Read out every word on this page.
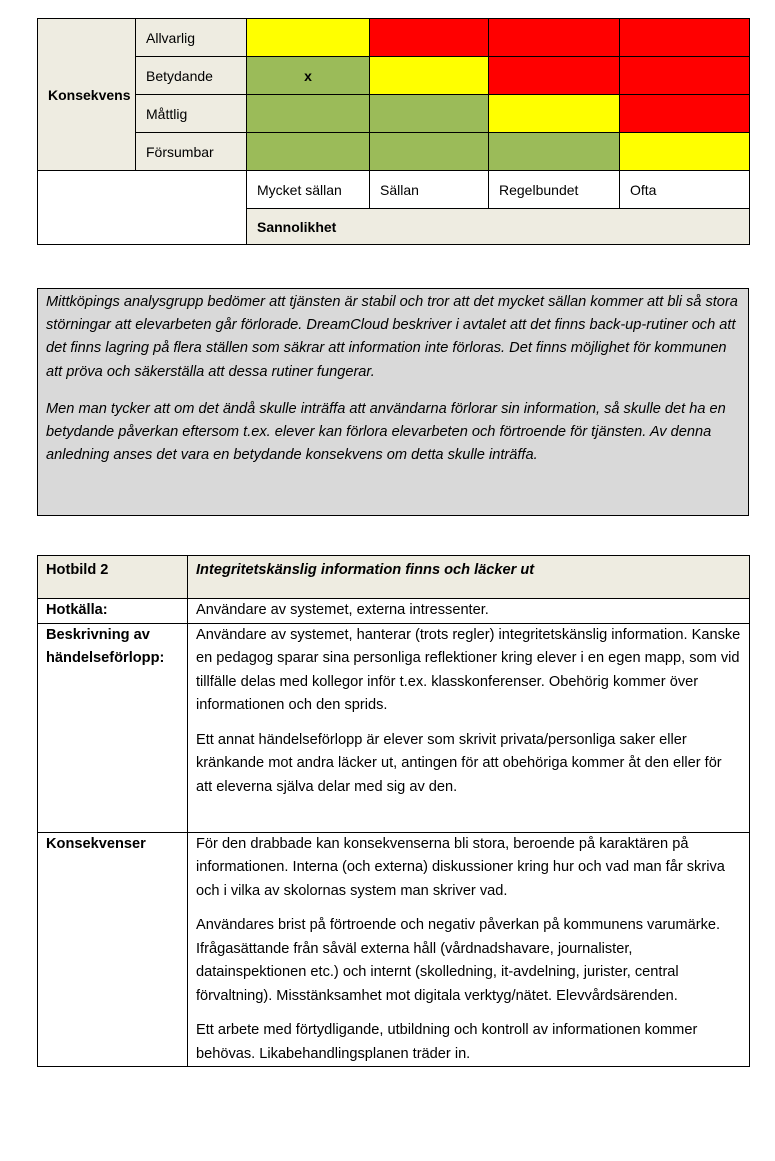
Konsekvens	Allvarlig				
	Betydande	x			
	Måttlig				
	Försumbar				
		Mycket sällan	Sällan	Regelbundet	Ofta
		Sannolikhet			

Mittköpings analysgrupp bedömer att tjänsten är stabil och tror att det mycket sällan kommer att bli så stora störningar att elevarbeten går förlorade. DreamCloud beskriver i avtalet att det finns back-up-rutiner och att det finns lagring på flera ställen som säkrar att information inte förloras. Det finns möjlighet för kommunen att pröva och säkerställa att dessa rutiner fungerar.

Men man tycker att om det ändå skulle inträffa att användarna förlorar sin information, så skulle det ha en betydande påverkan eftersom t.ex. elever kan förlora elevarbeten och förtroende för tjänsten. Av denna anledning anses det vara en betydande konsekvens om detta skulle inträffa.

Hotbild 2	Integritetskänslig information finns och läcker ut
Hotkälla:	Användare av systemet, externa intressenter.
Beskrivning av händelseförlopp:	Användare av systemet, hanterar (trots regler) integritetskänslig information. Kanske en pedagog sparar sina personliga reflektioner kring elever i en egen mapp, som vid tillfälle delas med kollegor inför t.ex. klasskonferenser. Obehörig kommer över informationen och den sprids.

Ett annat händelseförlopp är elever som skrivit privata/personliga saker eller kränkande mot andra läcker ut, antingen för att obehöriga kommer åt den eller för att eleverna själva delar med sig av den.

Konsekvenser	För den drabbade kan konsekvenserna bli stora, beroende på karaktären på informationen. Interna (och externa) diskussioner kring hur och vad man får skriva och i vilka av skolornas system man skriver vad.

Användares brist på förtroende och negativ påverkan på kommunens varumärke. Ifrågasättande från såväl externa håll (vårdnadshavare, journalister, datainspektionen etc.) och internt (skolledning, it-avdelning, jurister, central förvaltning). Misstänksamhet mot digitala verktyg/nätet. Elevvårdsärenden.

Ett arbete med förtydligande, utbildning och kontroll av informationen kommer behövas. Likabehandlingsplanen träder in.
